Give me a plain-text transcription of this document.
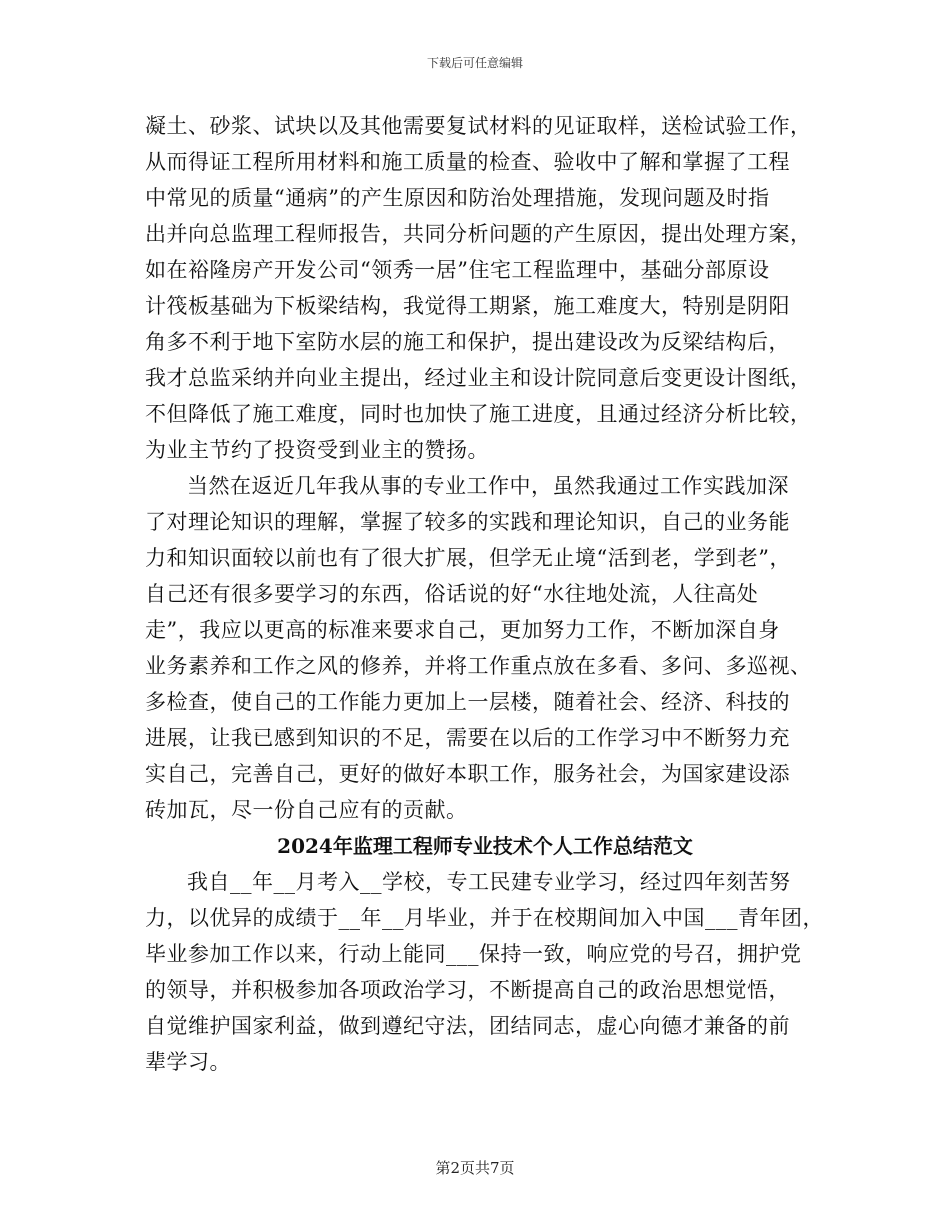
下载后可任意编辑
凝土、砂浆、试块以及其他需要复试材料的见证取样，送检试验工作，
从而得证工程所用材料和施工质量的检查、验收中了解和掌握了工程
中常见的质量“通病”的产生原因和防治处理措施，发现问题及时指
出并向总监理工程师报告，共同分析问题的产生原因，提出处理方案，
如在裕隆房产开发公司“领秀一居”住宅工程监理中，基础分部原设
计筏板基础为下板梁结构，我觉得工期紧，施工难度大，特别是阴阳
角多不利于地下室防水层的施工和保护，提出建设改为反梁结构后，
我才总监采纳并向业主提出，经过业主和设计院同意后变更设计图纸，
不但降低了施工难度，同时也加快了施工进度，且通过经济分析比较，
为业主节约了投资受到业主的赞扬。
当然在返近几年我从事的专业工作中，虽然我通过工作实践加深
了对理论知识的理解，掌握了较多的实践和理论知识，自己的业务能
力和知识面较以前也有了很大扩展，但学无止境“活到老，学到老”，
自己还有很多要学习的东西，俗话说的好“水往地处流，人往高处
走”，我应以更高的标准来要求自己，更加努力工作，不断加深自身
业务素养和工作之风的修养，并将工作重点放在多看、多问、多巡视、
多检查，使自己的工作能力更加上一层楼，随着社会、经济、科技的
进展，让我已感到知识的不足，需要在以后的工作学习中不断努力充
实自己，完善自己，更好的做好本职工作，服务社会，为国家建设添
砖加瓦，尽一份自己应有的贡献。
2024年监理工程师专业技术个人工作总结范文
我自__年__月考入__学校，专工民建专业学习，经过四年刻苦努
力，以优异的成绩于__年__月毕业，并于在校期间加入中国___青年团，
毕业参加工作以来，行动上能同___保持一致，响应党的号召，拥护党
的领导，并积极参加各项政治学习，不断提高自己的政治思想觉悟，
自觉维护国家利益，做到遵纪守法，团结同志，虚心向德才兼备的前
辈学习。
第2页共7页
